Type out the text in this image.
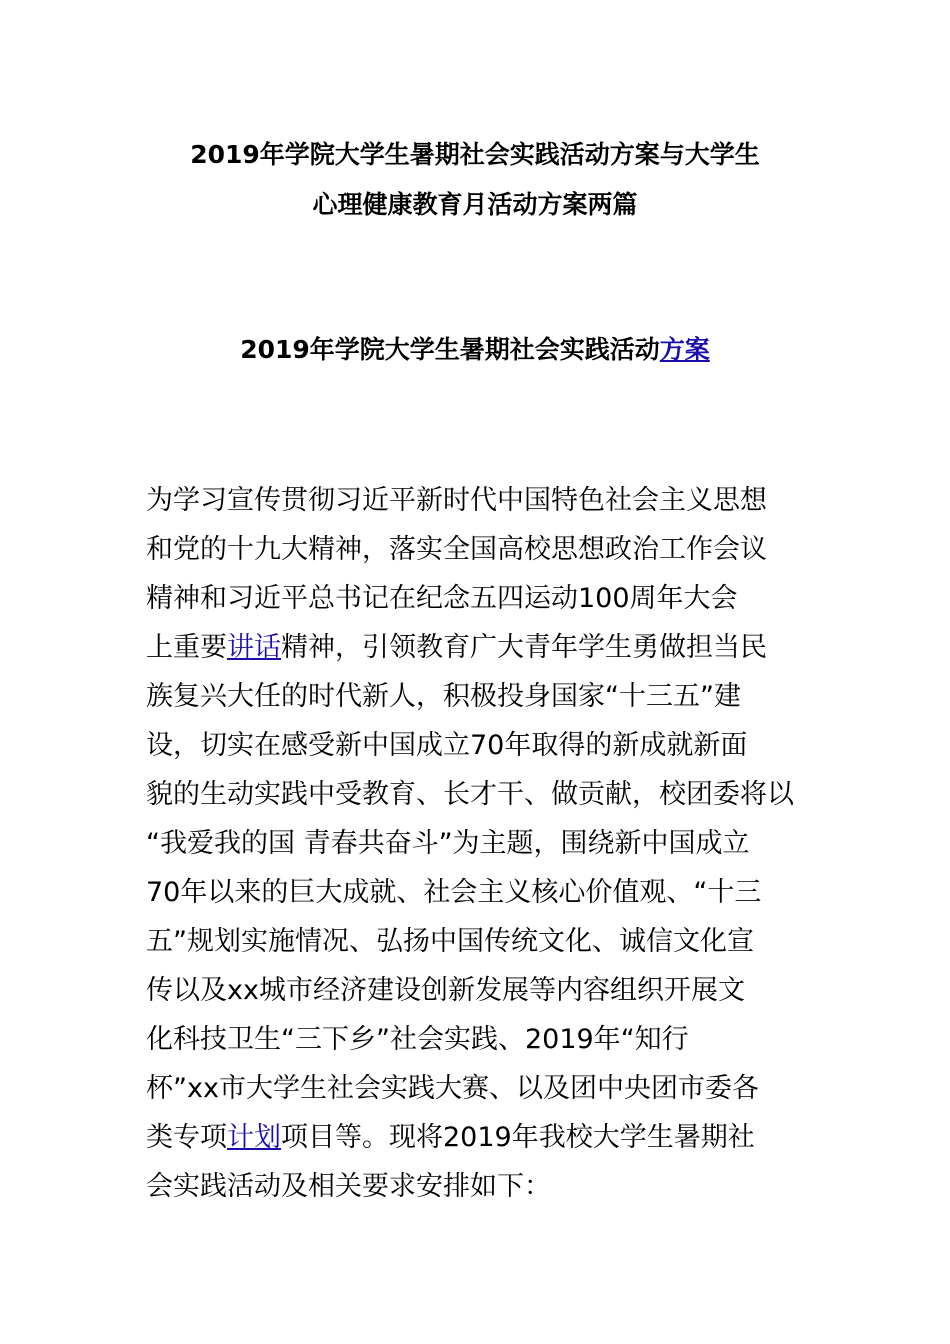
2019年学院大学生暑期社会实践活动方案与大学生
心理健康教育月活动方案两篇
2019年学院大学生暑期社会实践活动方案
为学习宣传贯彻习近平新时代中国特色社会主义思想
和党的十九大精神，落实全国高校思想政治工作会议
精神和习近平总书记在纪念五四运动100周年大会
上重要讲话精神，引领教育广大青年学生勇做担当民
族复兴大任的时代新人，积极投身国家“十三五”建
设，切实在感受新中国成立70年取得的新成就新面
貌的生动实践中受教育、长才干、做贡献，校团委将以
“我爱我的国 青春共奋斗”为主题，围绕新中国成立
70年以来的巨大成就、社会主义核心价值观、“十三
五”规划实施情况、弘扬中国传统文化、诚信文化宣
传以及xx城市经济建设创新发展等内容组织开展文
化科技卫生“三下乡”社会实践、2019年“知行
杯”xx市大学生社会实践大赛、以及团中央团市委各
类专项计划项目等。现将2019年我校大学生暑期社
会实践活动及相关要求安排如下：
